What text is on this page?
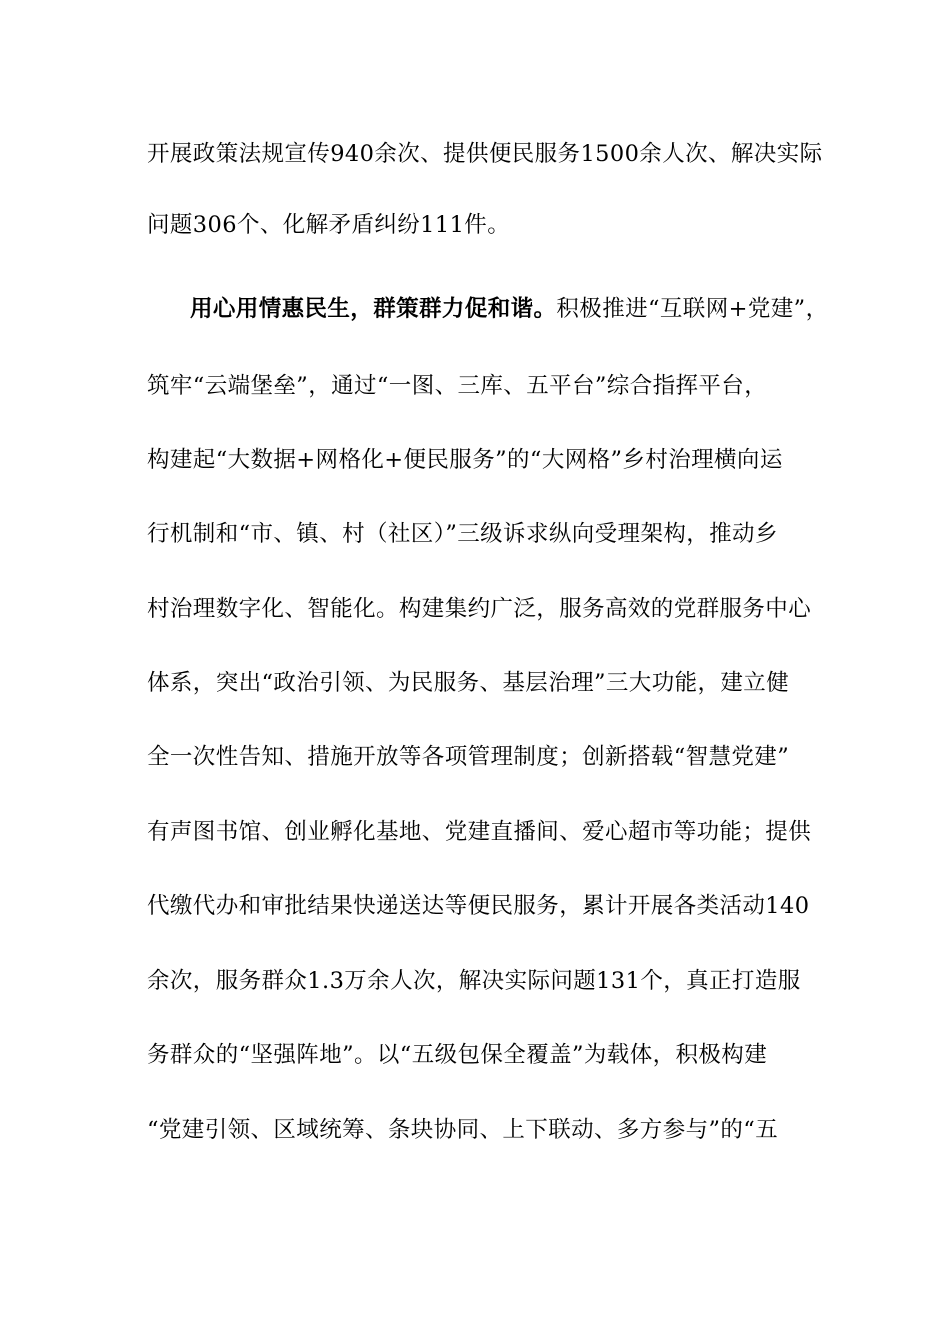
开展政策法规宣传940余次、提供便民服务1500余人次、解决实际
问题306个、化解矛盾纠纷111件。
用心用情惠民生，群策群力促和谐。积极推进“互联网+党建”，
筑牢“云端堡垒”，通过“一图、三库、五平台”综合指挥平台，
构建起“大数据+网格化+便民服务”的“大网格”乡村治理横向运
行机制和“市、镇、村（社区）”三级诉求纵向受理架构，推动乡
村治理数字化、智能化。构建集约广泛，服务高效的党群服务中心
体系，突出“政治引领、为民服务、基层治理”三大功能，建立健
全一次性告知、措施开放等各项管理制度；创新搭载“智慧党建”
有声图书馆、创业孵化基地、党建直播间、爱心超市等功能；提供
代缴代办和审批结果快递送达等便民服务，累计开展各类活动140
余次，服务群众1.3万余人次，解决实际问题131个，真正打造服
务群众的“坚强阵地”。以“五级包保全覆盖”为载体，积极构建
“党建引领、区域统筹、条块协同、上下联动、多方参与”的“五
